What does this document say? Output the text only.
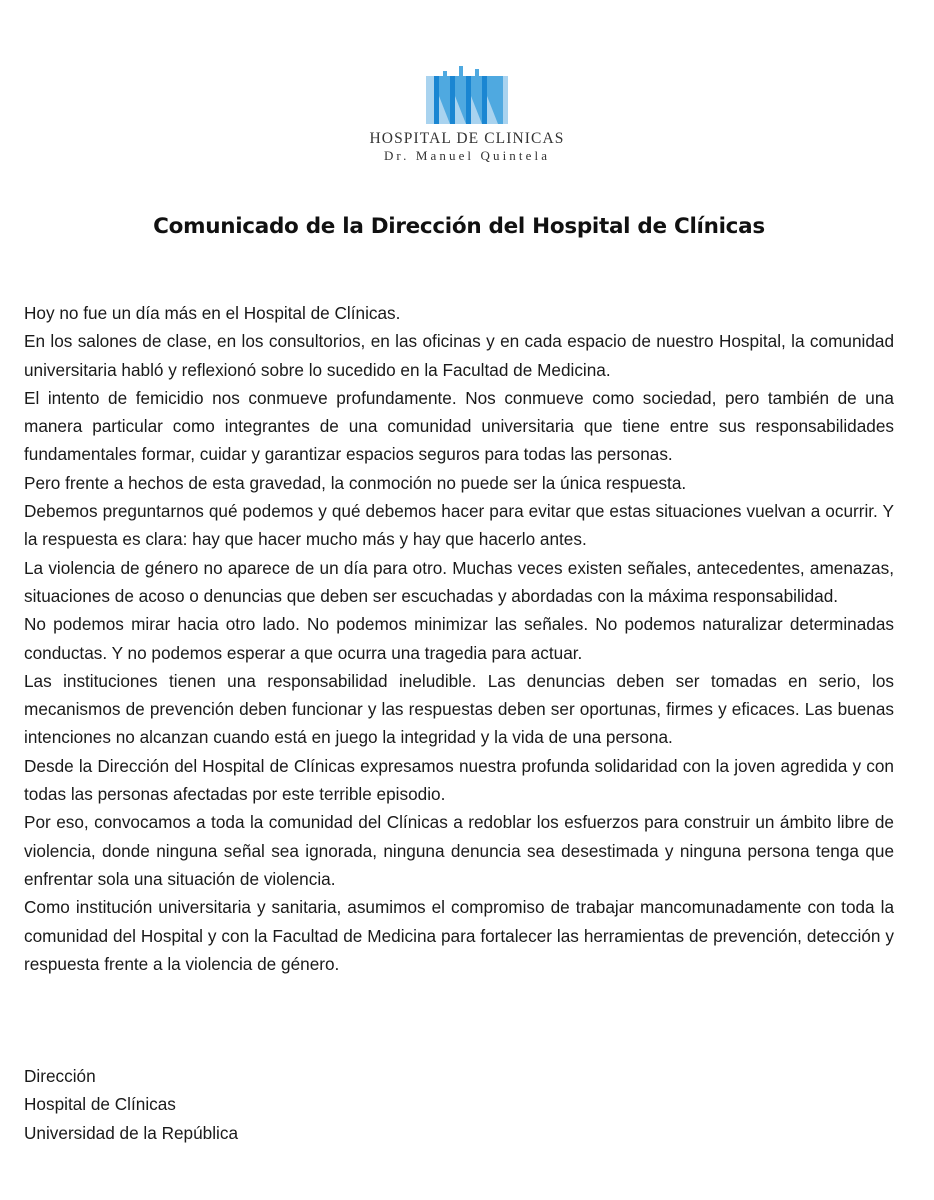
HOSPITAL DE CLINICAS
Dr. Manuel Quintela
Comunicado de la Dirección del Hospital de Clínicas

Hoy no fue un día más en el Hospital de Clínicas.

En los salones de clase, en los consultorios, en las oficinas y en cada espacio de nuestro Hospital, la comunidad universitaria habló y reflexionó sobre lo sucedido en la Facultad de Medicina.

El intento de femicidio nos conmueve profundamente. Nos conmueve como sociedad, pero también de una manera particular como integrantes de una comunidad universitaria que tiene entre sus responsabilidades fundamentales formar, cuidar y garantizar espacios seguros para todas las personas.

Pero frente a hechos de esta gravedad, la conmoción no puede ser la única respuesta.

Debemos preguntarnos qué podemos y qué debemos hacer para evitar que estas situaciones vuelvan a ocurrir. Y la respuesta es clara: hay que hacer mucho más y hay que hacerlo antes.

La violencia de género no aparece de un día para otro. Muchas veces existen señales, antecedentes, amenazas, situaciones de acoso o denuncias que deben ser escuchadas y abordadas con la máxima responsabilidad.

No podemos mirar hacia otro lado. No podemos minimizar las señales. No podemos naturalizar determinadas conductas. Y no podemos esperar a que ocurra una tragedia para actuar.

Las instituciones tienen una responsabilidad ineludible. Las denuncias deben ser tomadas en serio, los mecanismos de prevención deben funcionar y las respuestas deben ser oportunas, firmes y eficaces. Las buenas intenciones no alcanzan cuando está en juego la integridad y la vida de una persona.

Desde la Dirección del Hospital de Clínicas expresamos nuestra profunda solidaridad con la joven agredida y con todas las personas afectadas por este terrible episodio.

Por eso, convocamos a toda la comunidad del Clínicas a redoblar los esfuerzos para construir un ámbito libre de violencia, donde ninguna señal sea ignorada, ninguna denuncia sea desestimada y ninguna persona tenga que enfrentar sola una situación de violencia.

Como institución universitaria y sanitaria, asumimos el compromiso de trabajar mancomunadamente con toda la comunidad del Hospital y con la Facultad de Medicina para fortalecer las herramientas de prevención, detección y respuesta frente a la violencia de género.

Dirección
Hospital de Clínicas
Universidad de la República
